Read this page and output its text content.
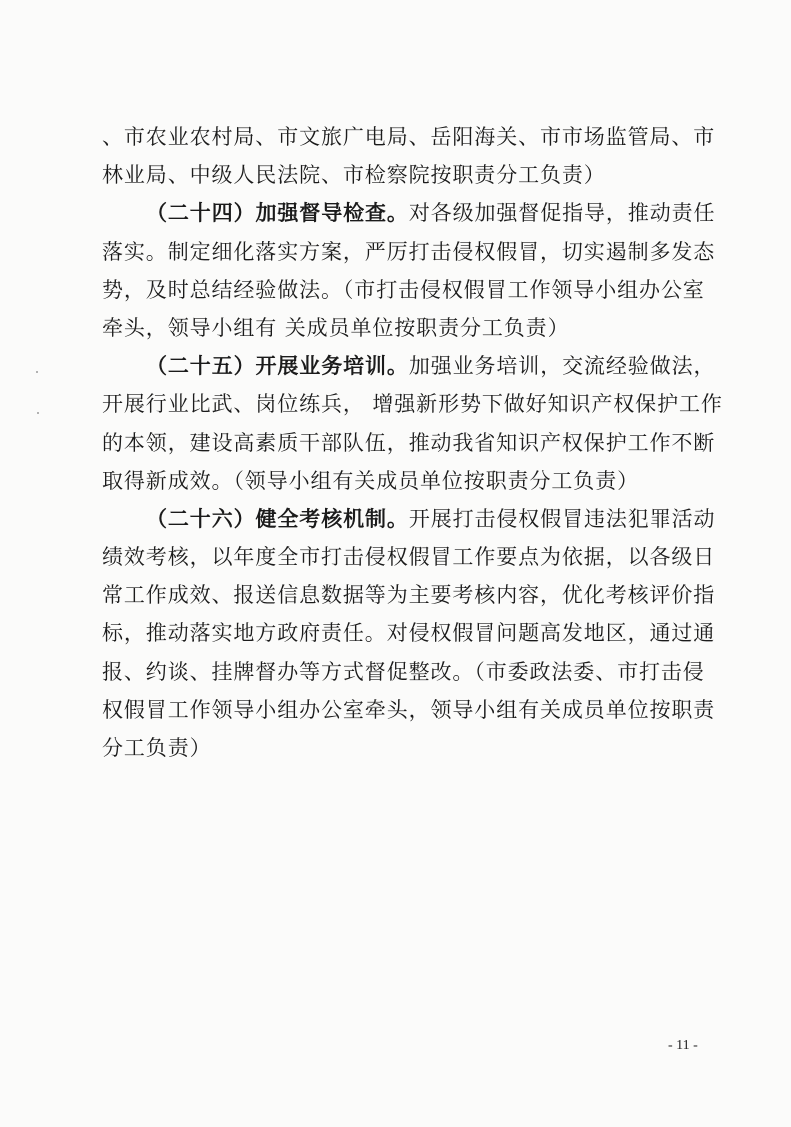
、市农业农村局、市文旅广电局、岳阳海关、市市场监管局、市
林业局、中级人民法院、市检察院按职责分工负责）
（二十四）加强督导检查。对各级加强督促指导，推动责任
落实。制定细化落实方案，严厉打击侵权假冒，切实遏制多发态
势，及时总结经验做法。（市打击侵权假冒工作领导小组办公室
牵头，领导小组有 关成员单位按职责分工负责）
（二十五）开展业务培训。加强业务培训，交流经验做法，
开展行业比武、岗位练兵， 增强新形势下做好知识产权保护工作
的本领，建设高素质干部队伍，推动我省知识产权保护工作不断
取得新成效。（领导小组有关成员单位按职责分工负责）
（二十六）健全考核机制。开展打击侵权假冒违法犯罪活动
绩效考核，以年度全市打击侵权假冒工作要点为依据，以各级日
常工作成效、报送信息数据等为主要考核内容，优化考核评价指
标，推动落实地方政府责任。对侵权假冒问题高发地区，通过通
报、约谈、挂牌督办等方式督促整改。（市委政法委、市打击侵
权假冒工作领导小组办公室牵头，领导小组有关成员单位按职责
分工负责）
- 11 -
